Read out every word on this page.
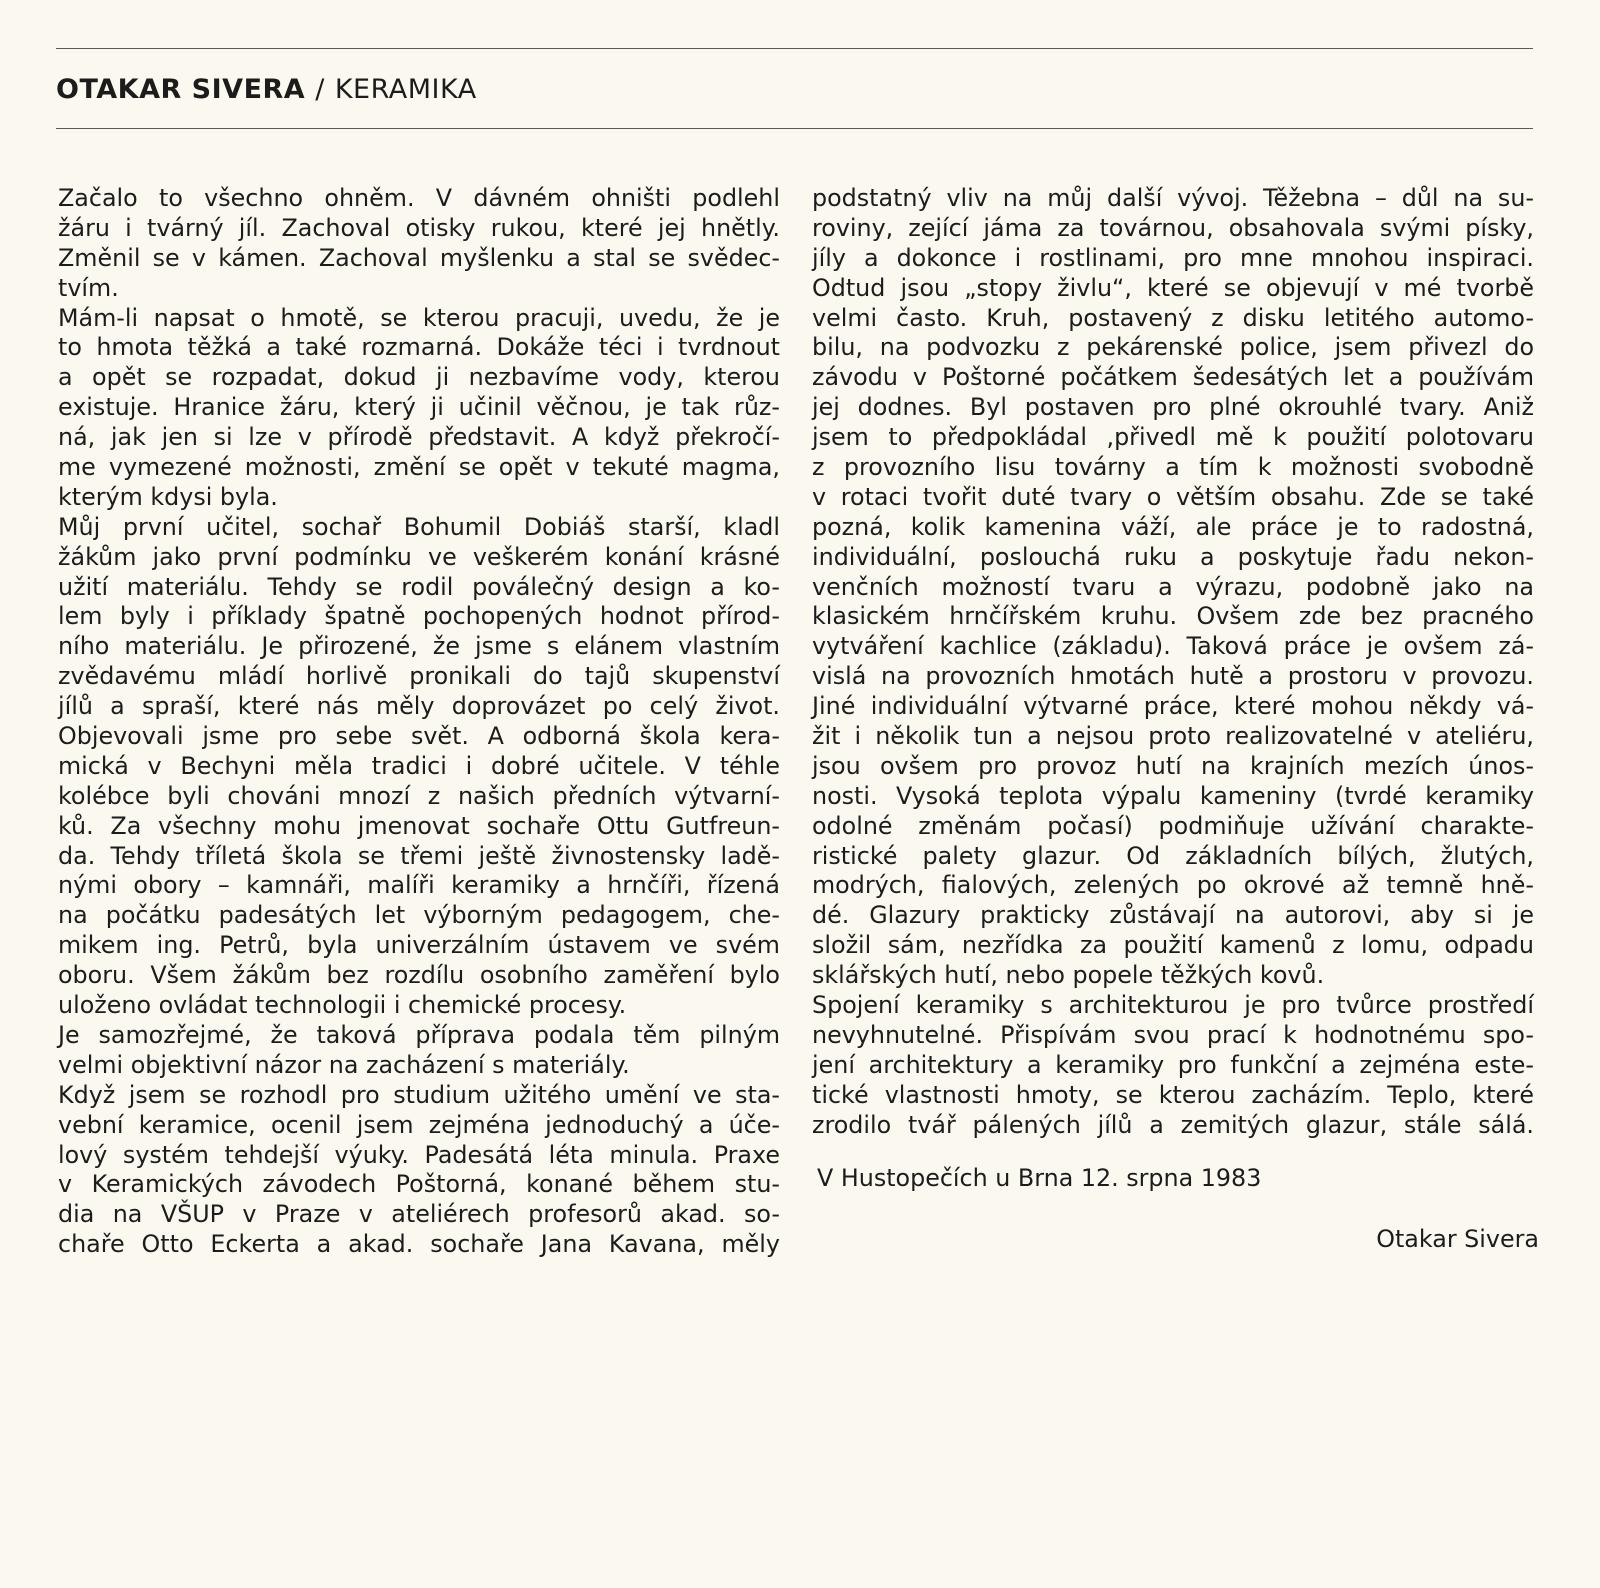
OTAKAR SIVERA / KERAMIKA
Začalo to všechno ohněm. V dávném ohništi podlehl
žáru i tvárný jíl. Zachoval otisky rukou, které jej hnětly.
Změnil se v kámen. Zachoval myšlenku a stal se svědec-
tvím.
Mám-li napsat o hmotě, se kterou pracuji, uvedu, že je
to hmota těžká a také rozmarná. Dokáže téci i tvrdnout
a opět se rozpadat, dokud ji nezbavíme vody, kterou
existuje. Hranice žáru, který ji učinil věčnou, je tak růz-
ná, jak jen si lze v přírodě představit. A když překročí-
me vymezené možnosti, změní se opět v tekuté magma,
kterým kdysi byla.
Můj první učitel, sochař Bohumil Dobiáš starší, kladl
žákům jako první podmínku ve veškerém konání krásné
užití materiálu. Tehdy se rodil poválečný design a ko-
lem byly i příklady špatně pochopených hodnot přírod-
ního materiálu. Je přirozené, že jsme s elánem vlastním
zvědavému mládí horlivě pronikali do tajů skupenství
jílů a spraší, které nás měly doprovázet po celý život.
Objevovali jsme pro sebe svět. A odborná škola kera-
mická v Bechyni měla tradici i dobré učitele. V téhle
kolébce byli chováni mnozí z našich předních výtvarní-
ků. Za všechny mohu jmenovat sochaře Ottu Gutfreun-
da. Tehdy tříletá škola se třemi ještě živnostensky ladě-
nými obory – kamnáři, malíři keramiky a hrnčíři, řízená
na počátku padesátých let výborným pedagogem, che-
mikem ing. Petrů, byla univerzálním ústavem ve svém
oboru. Všem žákům bez rozdílu osobního zaměření bylo
uloženo ovládat technologii i chemické procesy.
Je samozřejmé, že taková příprava podala těm pilným
velmi objektivní názor na zacházení s materiály.
Když jsem se rozhodl pro studium užitého umění ve sta-
vební keramice, ocenil jsem zejména jednoduchý a úče-
lový systém tehdejší výuky. Padesátá léta minula. Praxe
v Keramických závodech Poštorná, konané během stu-
dia na VŠUP v Praze v ateliérech profesorů akad. so-
chaře Otto Eckerta a akad. sochaře Jana Kavana, měly
podstatný vliv na můj další vývoj. Těžebna – důl na su-
roviny, zející jáma za továrnou, obsahovala svými písky,
jíly a dokonce i rostlinami, pro mne mnohou inspiraci.
Odtud jsou „stopy živlu“, které se objevují v mé tvorbě
velmi často. Kruh, postavený z disku letitého automo-
bilu, na podvozku z pekárenské police, jsem přivezl do
závodu v Poštorné počátkem šedesátých let a používám
jej dodnes. Byl postaven pro plné okrouhlé tvary. Aniž
jsem to předpokládal ,přivedl mě k použití polotovaru
z provozního lisu továrny a tím k možnosti svobodně
v rotaci tvořit duté tvary o větším obsahu. Zde se také
pozná, kolik kamenina váží, ale práce je to radostná,
individuální, poslouchá ruku a poskytuje řadu nekon-
venčních možností tvaru a výrazu, podobně jako na
klasickém hrnčířském kruhu. Ovšem zde bez pracného
vytváření kachlice (základu). Taková práce je ovšem zá-
vislá na provozních hmotách hutě a prostoru v provozu.
Jiné individuální výtvarné práce, které mohou někdy vá-
žit i několik tun a nejsou proto realizovatelné v ateliéru,
jsou ovšem pro provoz hutí na krajních mezích únos-
nosti. Vysoká teplota výpalu kameniny (tvrdé keramiky
odolné změnám počasí) podmiňuje užívání charakte-
ristické palety glazur. Od základních bílých, žlutých,
modrých, fialových, zelených po okrové až temně hně-
dé. Glazury prakticky zůstávají na autorovi, aby si je
složil sám, nezřídka za použití kamenů z lomu, odpadu
sklářských hutí, nebo popele těžkých kovů.
Spojení keramiky s architekturou je pro tvůrce prostředí
nevyhnutelné. Přispívám svou prací k hodnotnému spo-
jení architektury a keramiky pro funkční a zejména este-
tické vlastnosti hmoty, se kterou zacházím. Teplo, které
zrodilo tvář pálených jílů a zemitých glazur, stále sálá.
V Hustopečích u Brna 12. srpna 1983
Otakar Sivera
